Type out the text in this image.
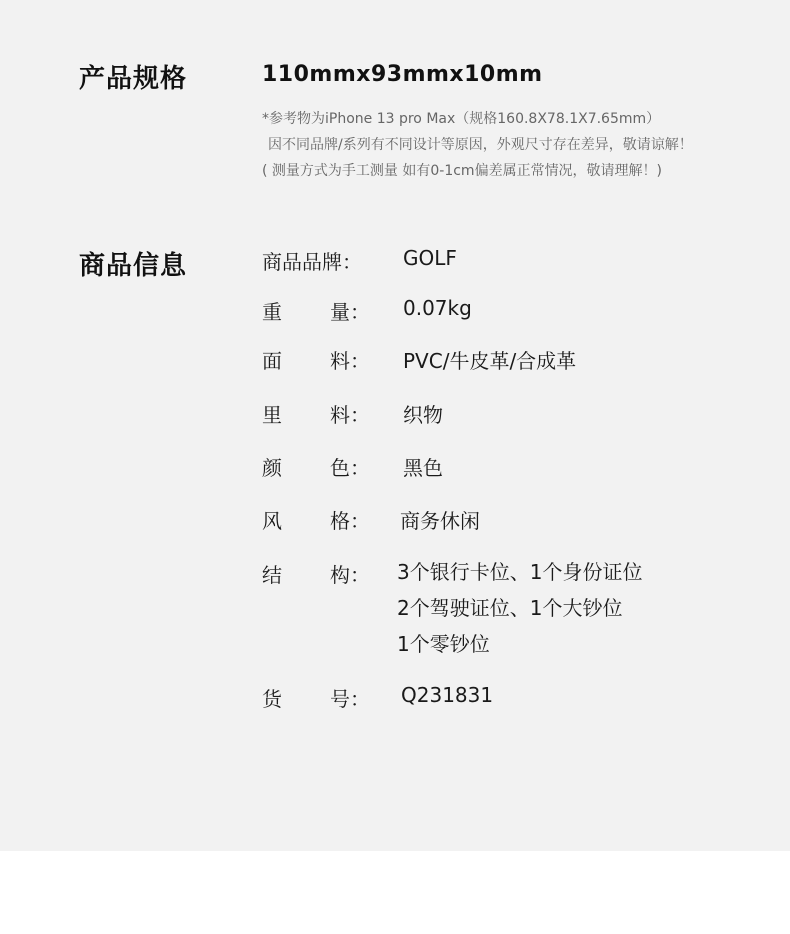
产品规格	110mmx93mmx10mm
*参考物为iPhone 13 pro Max（规格160.8X78.1X7.65mm）
因不同品牌/系列有不同设计等原因，外观尺寸存在差异，敬请谅解！
( 测量方式为手工测量 如有0-1cm偏差属正常情况，敬请理解！)
商品信息	商品品牌： GOLF
重 量： 0.07kg
面 料： PVC/牛皮革/合成革
里 料： 织物
颜 色： 黑色
风 格： 商务休闲
结 构： 3个银行卡位、1个身份证位
2个驾驶证位、1个大钞位
1个零钞位
货 号： Q231831
